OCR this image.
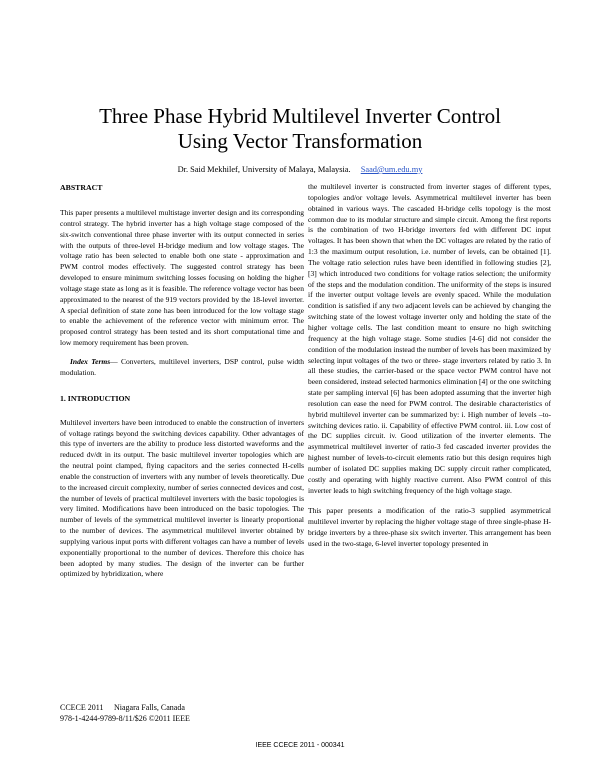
Three Phase Hybrid Multilevel Inverter Control
Using Vector Transformation
Dr. Said Mekhilef, University of Malaya, Malaysia. Saad@um.edu.my

ABSTRACT

This paper presents a multilevel multistage inverter design and its corresponding control strategy. The hybrid inverter has a high voltage stage composed of the six-switch conventional three phase inverter with its output connected in series with the outputs of three-level H-bridge medium and low voltage stages. The voltage ratio has been selected to enable both one state - approximation and PWM control modes effectively. The suggested control strategy has been developed to ensure minimum switching losses focusing on holding the higher voltage stage state as long as it is feasible. The reference voltage vector has been approximated to the nearest of the 919 vectors provided by the 18-level inverter. A special definition of state zone has been introduced for the low voltage stage to enable the achievement of the reference vector with minimum error. The proposed control strategy has been tested and its short computational time and low memory requirement has been proven.

Index Terms— Converters, multilevel inverters, DSP control, pulse width modulation.

1. INTRODUCTION

Multilevel inverters have been introduced to enable the construction of inverters of voltage ratings beyond the switching devices capability. Other advantages of this type of inverters are the ability to produce less distorted waveforms and the reduced dv/dt in its output. The basic multilevel inverter topologies which are the neutral point clamped, flying capacitors and the series connected H-cells enable the construction of inverters with any number of levels theoretically. Due to the increased circuit complexity, number of series connected devices and cost, the number of levels of practical multilevel inverters with the basic topologies is very limited. Modifications have been introduced on the basic topologies. The number of levels of the symmetrical multilevel inverter is linearly proportional to the number of devices. The asymmetrical multilevel inverter obtained by supplying various input ports with different voltages can have a number of levels exponentially proportional to the number of devices. Therefore this choice has been adopted by many studies. The design of the inverter can be further optimized by hybridization, where

the multilevel inverter is constructed from inverter stages of different types, topologies and/or voltage levels. Asymmetrical multilevel inverter has been obtained in various ways. The cascaded H-bridge cells topology is the most common due to its modular structure and simple circuit. Among the first reports is the combination of two H-bridge inverters fed with different DC input voltages. It has been shown that when the DC voltages are related by the ratio of 1:3 the maximum output resolution, i.e. number of levels, can be obtained [1]. The voltage ratio selection rules have been identified in following studies [2], [3] which introduced two conditions for voltage ratios selection; the uniformity of the steps and the modulation condition. The uniformity of the steps is insured if the inverter output voltage levels are evenly spaced. While the modulation condition is satisfied if any two adjacent levels can be achieved by changing the switching state of the lowest voltage inverter only and holding the state of the higher voltage cells. The last condition meant to ensure no high switching frequency at the high voltage stage. Some studies [4-6] did not consider the condition of the modulation instead the number of levels has been maximized by selecting input voltages of the two or three- stage inverters related by ratio 3. In all these studies, the carrier-based or the space vector PWM control have not been considered, instead selected harmonics elimination [4] or the one switching state per sampling interval [6] has been adopted assuming that the inverter high resolution can ease the need for PWM control. The desirable characteristics of hybrid multilevel inverter can be summarized by: i. High number of levels –to-switching devices ratio. ii. Capability of effective PWM control. iii. Low cost of the DC supplies circuit. iv. Good utilization of the inverter elements. The asymmetrical multilevel inverter of ratio-3 fed cascaded inverter provides the highest number of levels-to-circuit elements ratio but this design requires high number of isolated DC supplies making DC supply circuit rather complicated, costly and operating with highly reactive current. Also PWM control of this inverter leads to high switching frequency of the high voltage stage.

This paper presents a modification of the ratio-3 supplied asymmetrical multilevel inverter by replacing the higher voltage stage of three single-phase H-bridge inverters by a three-phase six switch inverter. This arrangement has been used in the two-stage, 6-level inverter topology presented in

CCECE 2011 Niagara Falls, Canada
978-1-4244-9789-8/11/$26 ©2011 IEEE
IEEE CCECE 2011 - 000341
